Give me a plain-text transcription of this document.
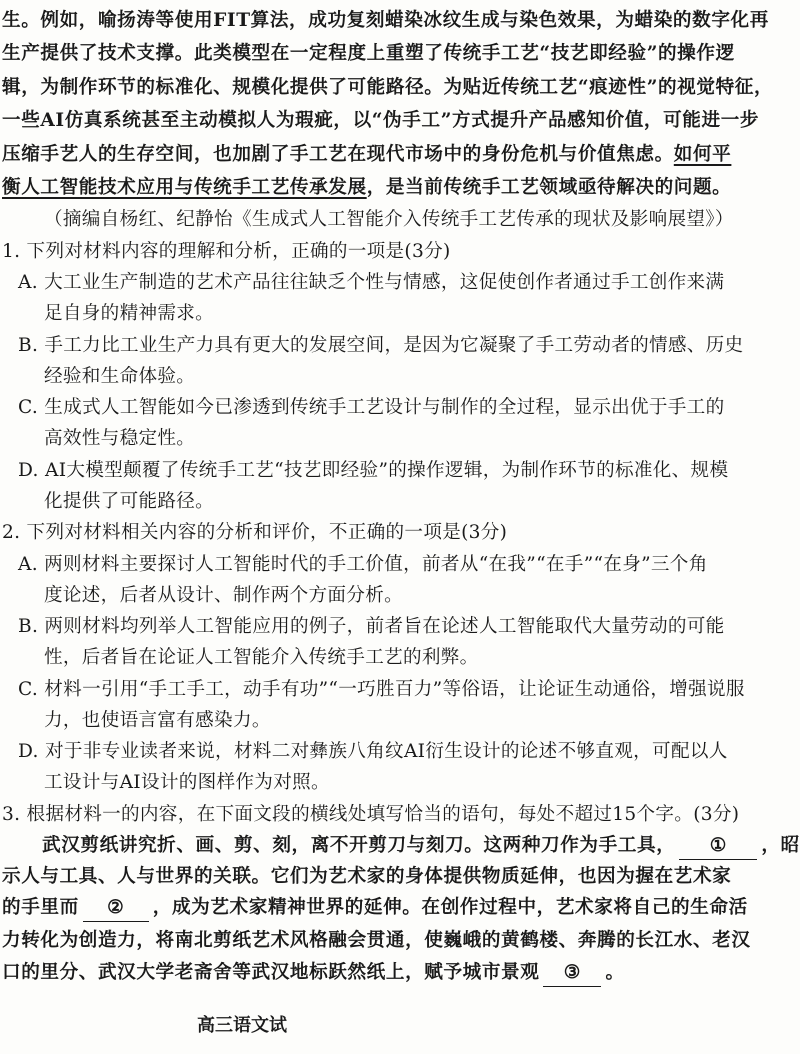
生。例如，喻扬涛等使用FIT算法，成功复刻蜡染冰纹生成与染色效果，为蜡染的数字化再
生产提供了技术支撑。此类模型在一定程度上重塑了传统手工艺“技艺即经验”的操作逻
辑，为制作环节的标准化、规模化提供了可能路径。为贴近传统工艺“痕迹性”的视觉特征，
一些AI仿真系统甚至主动模拟人为瑕疵，以“伪手工”方式提升产品感知价值，可能进一步
压缩手艺人的生存空间，也加剧了手工艺在现代市场中的身份危机与价值焦虑。如何平
衡人工智能技术应用与传统手工艺传承发展，是当前传统手工艺领域亟待解决的问题。
（摘编自杨红、纪静怡《生成式人工智能介入传统手工艺传承的现状及影响展望》）
1. 下列对材料内容的理解和分析，正确的一项是(3分)
A. 大工业生产制造的艺术产品往往缺乏个性与情感，这促使创作者通过手工创作来满
足自身的精神需求。
B. 手工力比工业生产力具有更大的发展空间，是因为它凝聚了手工劳动者的情感、历史
经验和生命体验。
C. 生成式人工智能如今已渗透到传统手工艺设计与制作的全过程，显示出优于手工的
高效性与稳定性。
D. AI大模型颠覆了传统手工艺“技艺即经验”的操作逻辑，为制作环节的标准化、规模
化提供了可能路径。
2. 下列对材料相关内容的分析和评价，不正确的一项是(3分)
A. 两则材料主要探讨人工智能时代的手工价值，前者从“在我”“在手”“在身”三个角
度论述，后者从设计、制作两个方面分析。
B. 两则材料均列举人工智能应用的例子，前者旨在论述人工智能取代大量劳动的可能
性，后者旨在论证人工智能介入传统手工艺的利弊。
C. 材料一引用“手工手工，动手有功”“一巧胜百力”等俗语，让论证生动通俗，增强说服
力，也使语言富有感染力。
D. 对于非专业读者来说，材料二对彝族八角纹AI衍生设计的论述不够直观，可配以人
工设计与AI设计的图样作为对照。
3. 根据材料一的内容，在下面文段的横线处填写恰当的语句，每处不超过15个字。(3分)
武汉剪纸讲究折、画、剪、刻，离不开剪刀与刻刀。这两种刀作为手工具， ① ，昭
示人与工具、人与世界的关联。它们为艺术家的身体提供物质延伸，也因为握在艺术家
的手里而 ② ，成为艺术家精神世界的延伸。在创作过程中，艺术家将自己的生命活
高三语文试
力转化为创造力，将南北剪纸艺术风格融会贯通，使巍峨的黄鹤楼、奔腾的长江水、老汉
口的里分、武汉大学老斋舍等武汉地标跃然纸上，赋予城市景观 ③ 。
